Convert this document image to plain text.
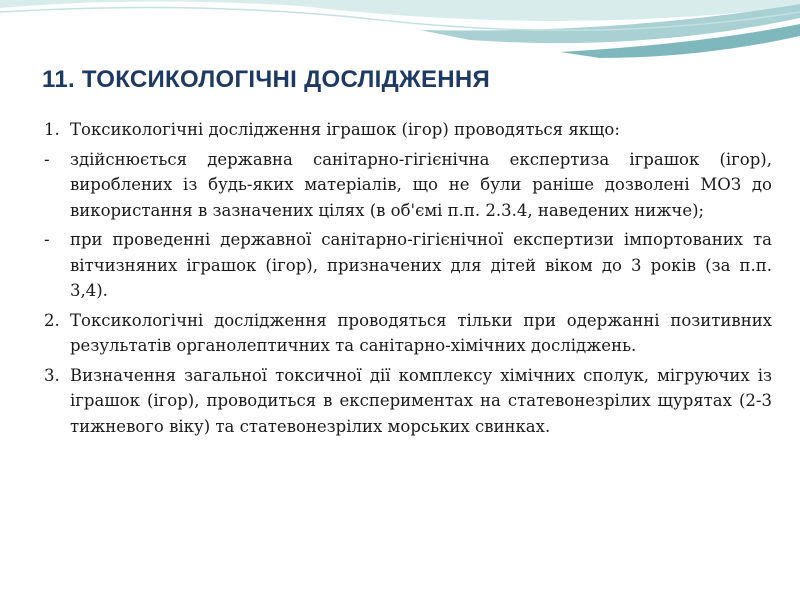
11. ТОКСИКОЛОГІЧНІ ДОСЛІДЖЕННЯ

1. Токсикологічні дослідження іграшок (ігор) проводяться якщо:

- здійснюється державна санітарно-гігієнічна експертиза іграшок (ігор), вироблених із будь-яких матеріалів, що не були раніше дозволені МОЗ до використання в зазначених цілях (в об'ємі п.п. 2.3.4, наведених нижче);

- при проведенні державної санітарно-гігієнічної експертизи імпортованих та вітчизняних іграшок (ігор), призначених для дітей віком до 3 років (за п.п. 3,4).

2. Токсикологічні дослідження проводяться тільки при одержанні позитивних результатів органолептичних та санітарно-хімічних досліджень.

3. Визначення загальної токсичної дії комплексу хімічних сполук, мігруючих із іграшок (ігор), проводиться в експериментах на статевонезрілих щурятах (2-3 тижневого віку) та статевонезрілих морських свинках.
